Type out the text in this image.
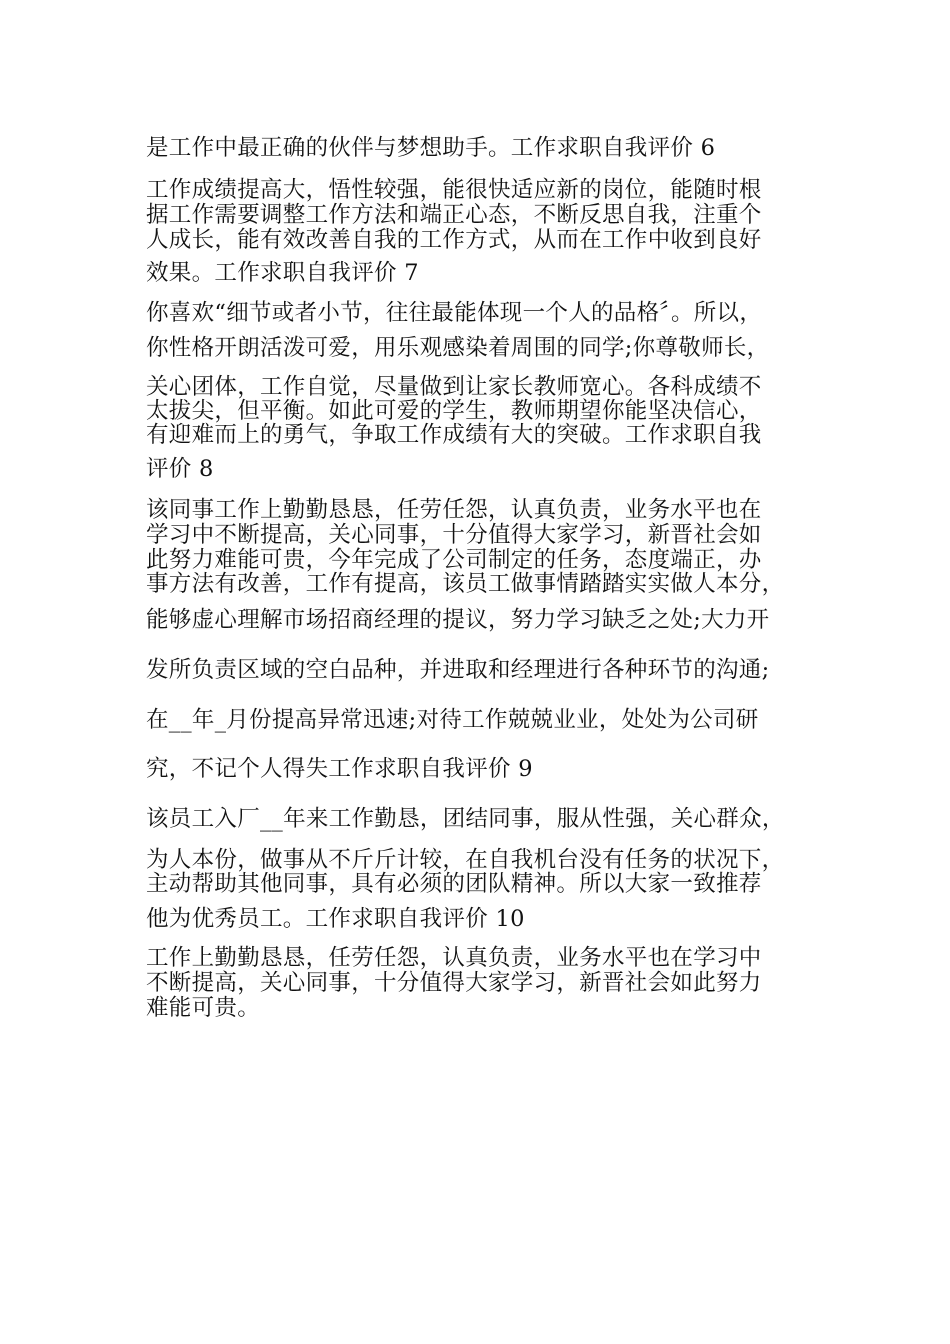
是工作中最正确的伙伴与梦想助手。工作求职自我评价 6
工作成绩提高大，悟性较强，能很快适应新的岗位，能随时根
据工作需要调整工作方法和端正心态，不断反思自我，注重个
人成长，能有效改善自我的工作方式，从而在工作中收到良好
效果。工作求职自我评价 7
你喜欢“细节或者小节，往往最能体现一个人的品格〞。所以，
你性格开朗活泼可爱，用乐观感染着周围的同学;你尊敬师长，
关心团体，工作自觉，尽量做到让家长教师宽心。各科成绩不
太拔尖，但平衡。如此可爱的学生，教师期望你能坚决信心，
有迎难而上的勇气，争取工作成绩有大的突破。工作求职自我
评价 8
该同事工作上勤勤恳恳，任劳任怨，认真负责，业务水平也在
学习中不断提高，关心同事，十分值得大家学习，新晋社会如
此努力难能可贵，今年完成了公司制定的任务，态度端正，办
事方法有改善，工作有提高，该员工做事情踏踏实实做人本分，
能够虚心理解市场招商经理的提议，努力学习缺乏之处;大力开
发所负责区域的空白品种，并进取和经理进行各种环节的沟通;
在__年_月份提高异常迅速;对待工作兢兢业业，处处为公司研
究，不记个人得失工作求职自我评价 9
该员工入厂__年来工作勤恳，团结同事，服从性强，关心群众，
为人本份，做事从不斤斤计较，在自我机台没有任务的状况下，
主动帮助其他同事，具有必须的团队精神。所以大家一致推荐
他为优秀员工。工作求职自我评价 10
工作上勤勤恳恳，任劳任怨，认真负责，业务水平也在学习中
不断提高，关心同事，十分值得大家学习，新晋社会如此努力
难能可贵。
